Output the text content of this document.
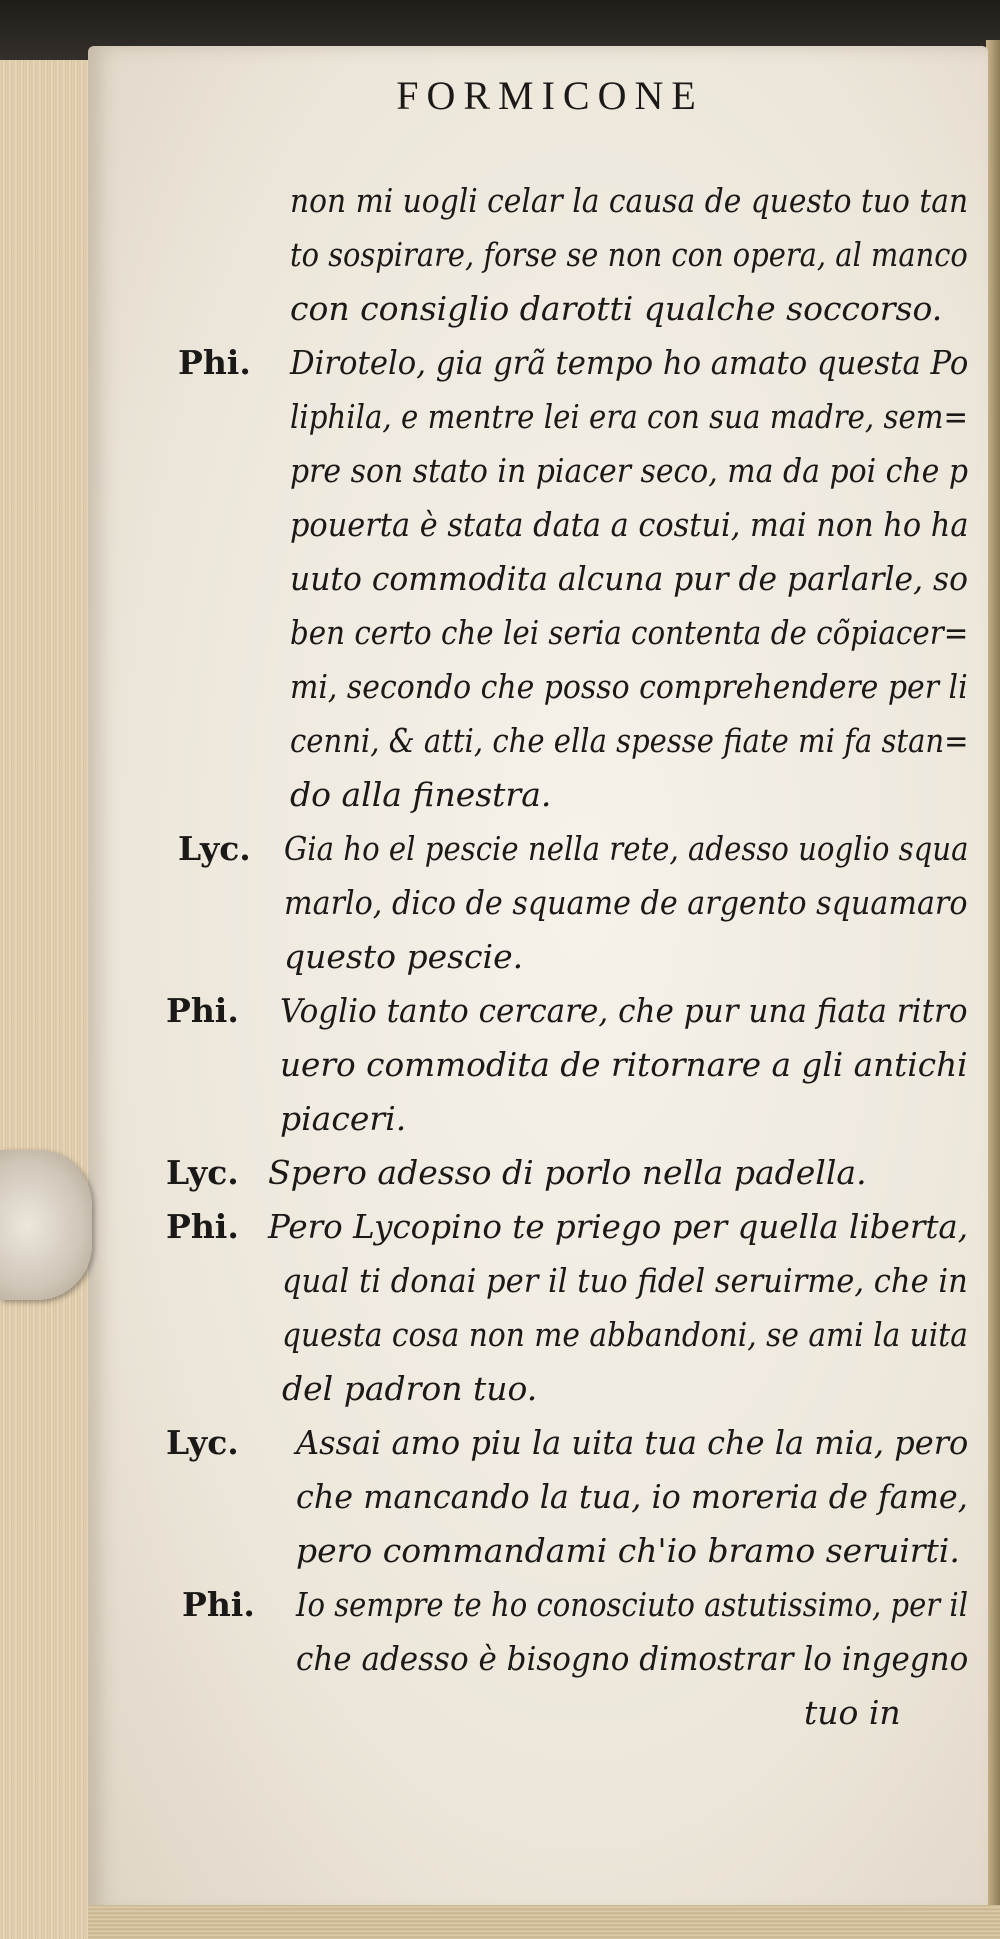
FORMICONE
Phi.
Lyc.
Phi.
Lyc.
Phi.
Lyc.
Phi.
non mi uogli celar la causa de questo tuo tan
to sospirare, forse se non con opera, al manco
con consiglio darotti qualche soccorso.
Dirotelo, gia grã tempo ho amato questa Po
liphila, e mentre lei era con sua madre, sem=
pre son stato in piacer seco, ma da poi che p
pouerta è stata data a costui, mai non ho ha
uuto commodita alcuna pur de parlarle, so
ben certo che lei seria contenta de cõpiacer=
mi, secondo che posso comprehendere per li
cenni, & atti, che ella spesse fiate mi fa stan=
do alla finestra.
Gia ho el pescie nella rete, adesso uoglio squa
marlo, dico de squame de argento squamaro
questo pescie.
Voglio tanto cercare, che pur una fiata ritro
uero commodita de ritornare a gli antichi
piaceri.
Spero adesso di porlo nella padella.
Pero Lycopino te priego per quella liberta,
qual ti donai per il tuo fidel seruirme, che in
questa cosa non me abbandoni, se ami la uita
del padron tuo.
Assai amo piu la uita tua che la mia, pero
che mancando la tua, io moreria de fame,
pero commandami ch'io bramo seruirti.
Io sempre te ho conosciuto astutissimo, per il
che adesso è bisogno dimostrar lo ingegno
tuo in
